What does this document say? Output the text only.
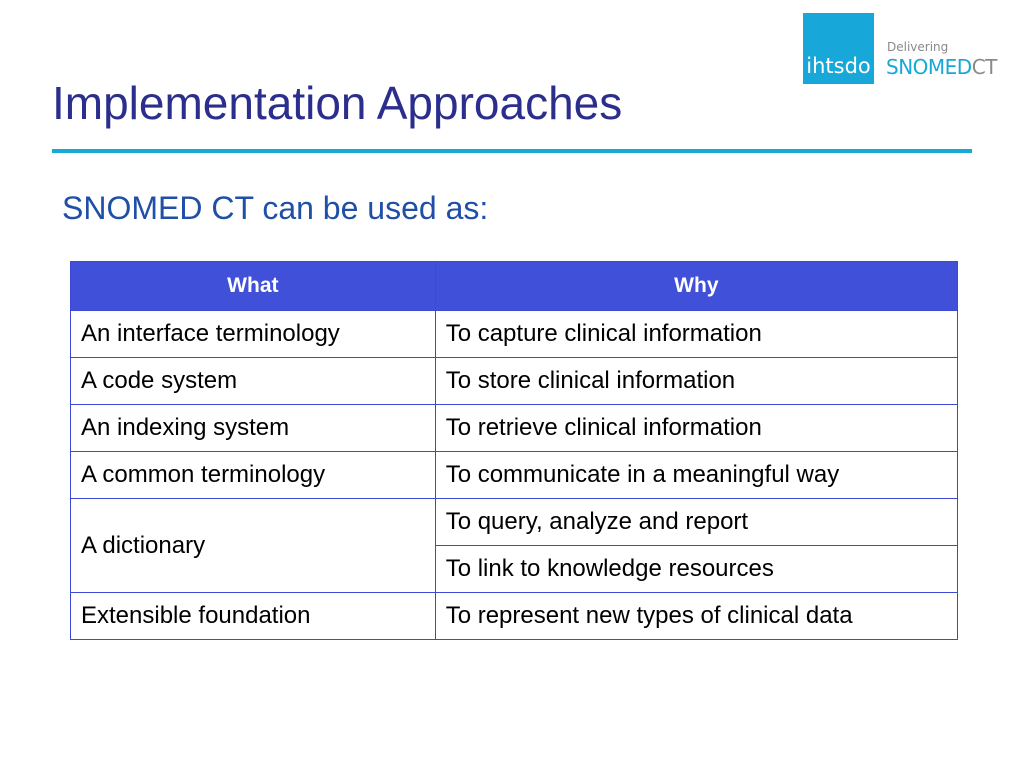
ihtsdo
Delivering
SNOMEDCT
Implementation Approaches
SNOMED CT can be used as:
What	Why
An interface terminology	To capture clinical information
A code system	To store clinical information
An indexing system	To retrieve clinical information
A common terminology	To communicate in a meaningful way
A dictionary	To query, analyze and report
	To link to knowledge resources
Extensible foundation	To represent new types of clinical data
